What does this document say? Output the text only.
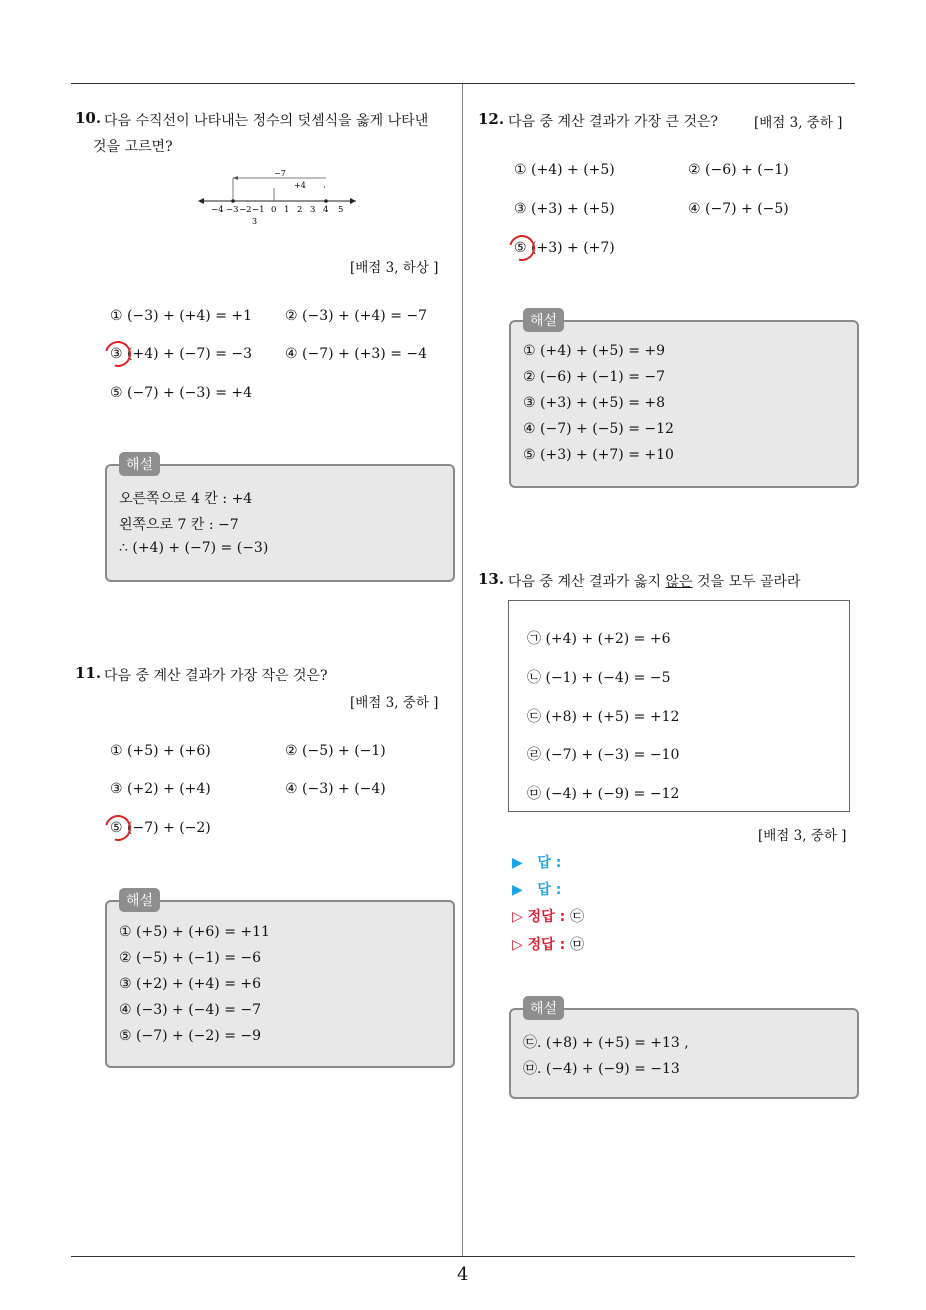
4
10. 다음 수직선이 나타내는 정수의 덧셈식을 옳게 나타낸
것을 고르면?
−7
+4 ·
−4 −3 −2 −1 0 1 2 3 4 5
3
[배점 3, 하상 ]
① (−3) + (+4) = +1 ② (−3) + (+4) = −7
③ (+4) + (−7) = −3 ④ (−7) + (+3) = −4
⑤ (−7) + (−3) = +4
해설
오른쪽으로 4 칸 : +4
왼쪽으로 7 칸 : −7
∴ (+4) + (−7) = (−3)
11. 다음 중 계산 결과가 가장 작은 것은?
[배점 3, 중하 ]
① (+5) + (+6)	② (−5) + (−1)
③ (+2) + (+4)	④ (−3) + (−4)
⑤ (−7) + (−2)
해설
① (+5) + (+6) = +11
② (−5) + (−1) = −6
③ (+2) + (+4) = +6
④ (−3) + (−4) = −7
⑤ (−7) + (−2) = −9
12. 다음 중 계산 결과가 가장 큰 것은?	[배점 3, 중하 ]
① (+4) + (+5)	② (−6) + (−1)
③ (+3) + (+5)	④ (−7) + (−5)
⑤ (+3) + (+7)
해설
① (+4) + (+5) = +9
② (−6) + (−1) = −7
③ (+3) + (+5) = +8
④ (−7) + (−5) = −12
⑤ (+3) + (+7) = +10
13. 다음 중 계산 결과가 옳지 않은 것을 모두 골라라
㉠ (+4) + (+2) = +6
㉡ (−1) + (−4) = −5
㉢ (+8) + (+5) = +12
㉣ (−7) + (−3) = −10
㉤ (−4) + (−9) = −12
[배점 3, 중하 ]
▶ 답 :
▶ 답 :
▷ 정답 : ㉢
▷ 정답 : ㉤
해설
㉢. (+8) + (+5) = +13 ,
㉤. (−4) + (−9) = −13
